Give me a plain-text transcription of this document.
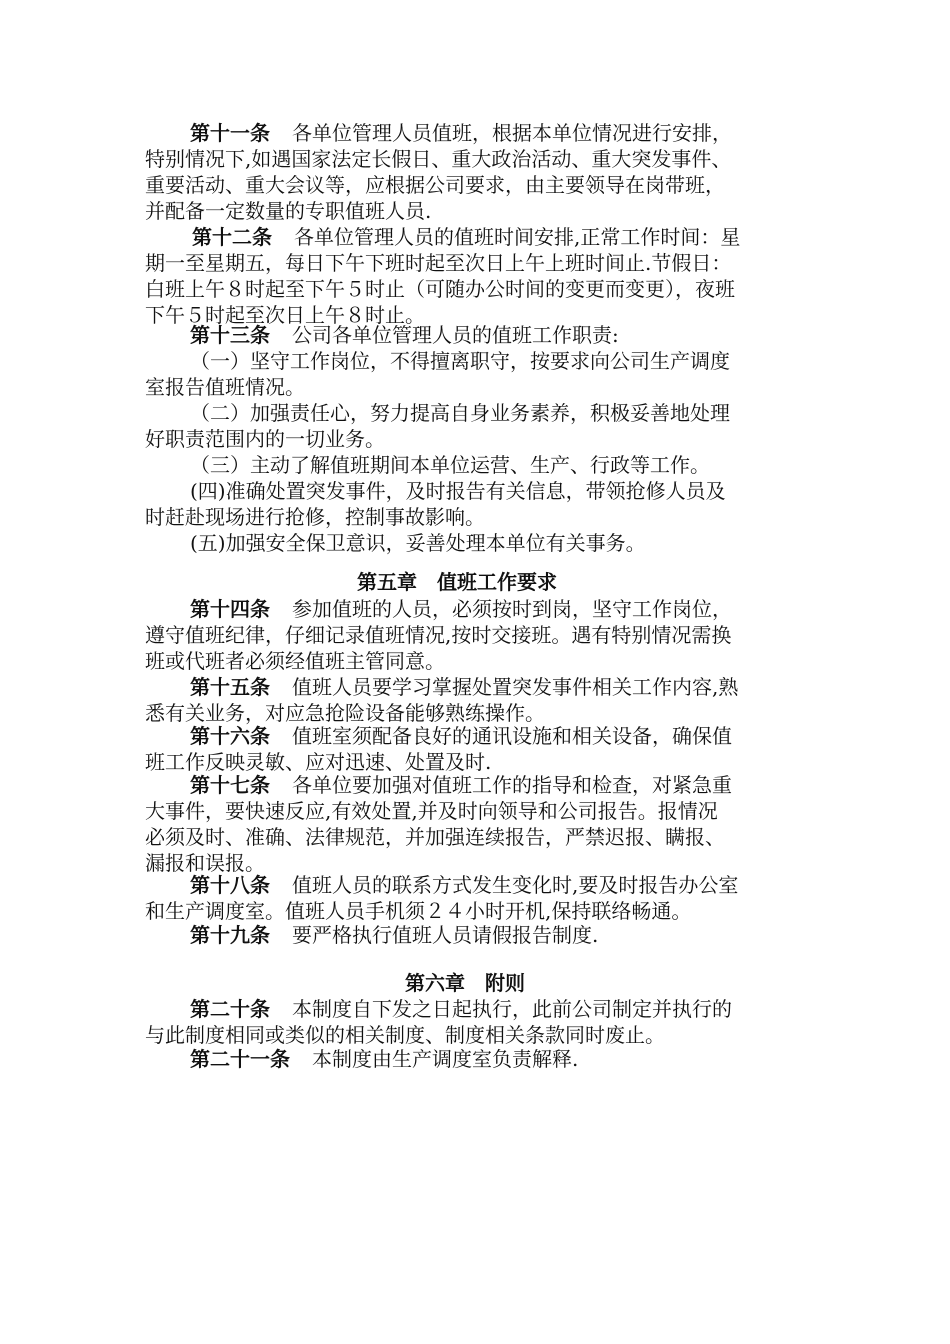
第十一条 各单位管理人员值班，根据本单位情况进行安排，
特别情况下,如遇国家法定长假日、重大政治活动、重大突发事件、
重要活动、重大会议等，应根据公司要求，由主要领导在岗带班，
并配备一定数量的专职值班人员.
第十二条 各单位管理人员的值班时间安排,正常工作时间：星
期一至星期五，每日下午下班时起至次日上午上班时间止.节假日：
白班上午８时起至下午５时止（可随办公时间的变更而变更），夜班
下午５时起至次日上午８时止。
第十三条 公司各单位管理人员的值班工作职责:
（一）坚守工作岗位，不得擅离职守，按要求向公司生产调度
室报告值班情况。
（二）加强责任心，努力提高自身业务素养，积极妥善地处理
好职责范围内的一切业务。
（三）主动了解值班期间本单位运营、生产、行政等工作。
(四)准确处置突发事件，及时报告有关信息，带领抢修人员及
时赶赴现场进行抢修，控制事故影响。
(五)加强安全保卫意识，妥善处理本单位有关事务。
第五章　值班工作要求
第十四条 参加值班的人员，必须按时到岗，坚守工作岗位，
遵守值班纪律，仔细记录值班情况,按时交接班。遇有特别情况需换
班或代班者必须经值班主管同意。
第十五条 值班人员要学习掌握处置突发事件相关工作内容,熟
悉有关业务，对应急抢险设备能够熟练操作。
第十六条 值班室须配备良好的通讯设施和相关设备，确保值
班工作反映灵敏、应对迅速、处置及时.
第十七条 各单位要加强对值班工作的指导和检查，对紧急重
大事件，要快速反应,有效处置,并及时向领导和公司报告。报情况
必须及时、准确、法律规范，并加强连续报告，严禁迟报、瞒报、
漏报和误报。
第十八条 值班人员的联系方式发生变化时,要及时报告办公室
和生产调度室。值班人员手机须２４小时开机,保持联络畅通。
第十九条 要严格执行值班人员请假报告制度.
第六章　附则
第二十条 本制度自下发之日起执行，此前公司制定并执行的
与此制度相同或类似的相关制度、制度相关条款同时废止。
第二十一条 本制度由生产调度室负责解释.
